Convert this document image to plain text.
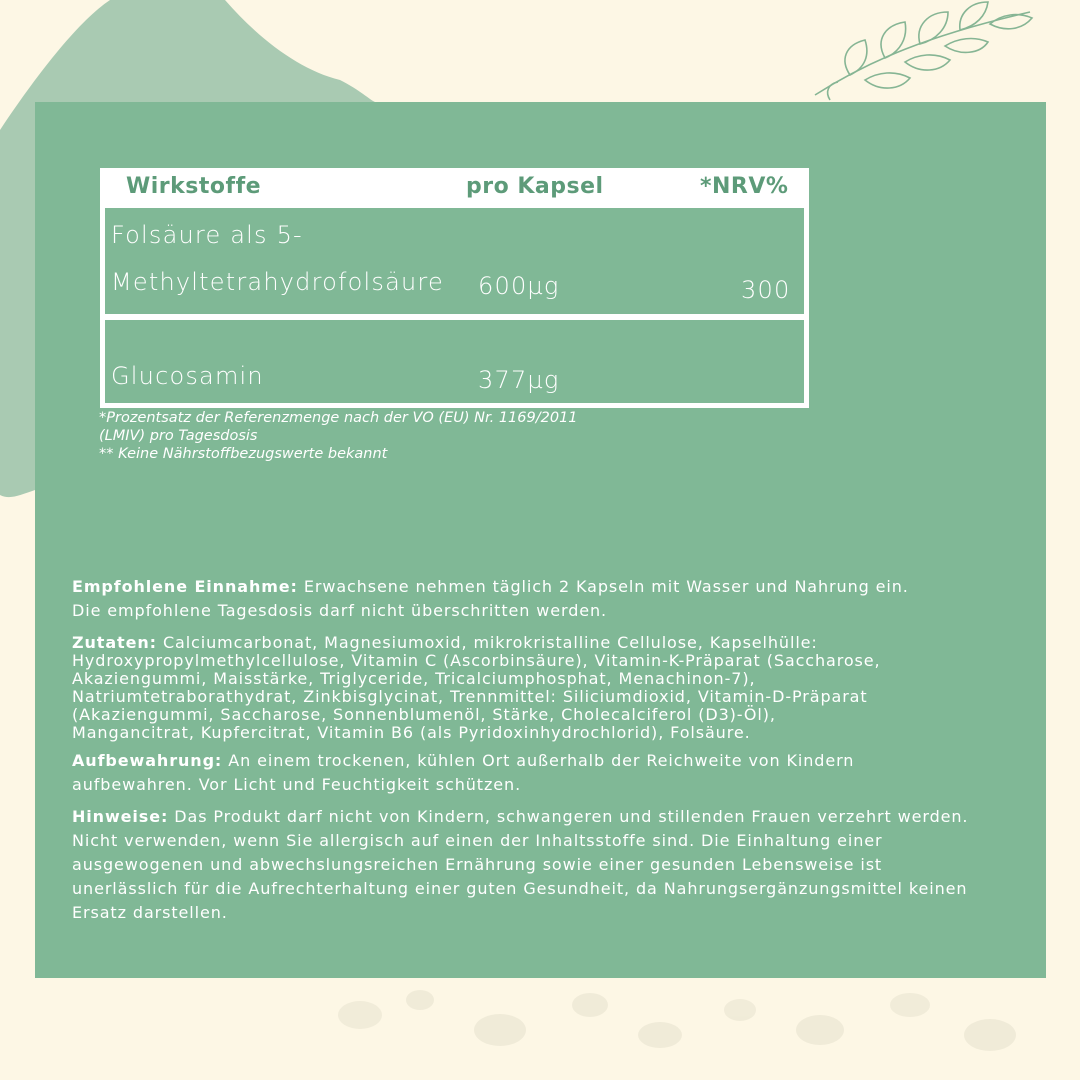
Wirkstoffe	pro Kapsel	*NRV%
Folsäure als 5-
Methyltetrahydrofolsäure 600µg	300
Glucosamin	377µg
*Prozentsatz der Referenzmenge nach der VO (EU) Nr. 1169/2011
(LMIV) pro Tagesdosis
** Keine Nährstoffbezugswerte bekannt
Empfohlene Einnahme: Erwachsene nehmen täglich 2 Kapseln mit Wasser und Nahrung ein.
Die empfohlene Tagesdosis darf nicht überschritten werden.
Zutaten: Calciumcarbonat, Magnesiumoxid, mikrokristalline Cellulose, Kapselhülle:
Hydroxypropylmethylcellulose, Vitamin C (Ascorbinsäure), Vitamin-K-Präparat (Saccharose,
Akaziengummi, Maisstärke, Triglyceride, Tricalciumphosphat, Menachinon-7),
Natriumtetraborathydrat, Zinkbisglycinat, Trennmittel: Siliciumdioxid, Vitamin-D-Präparat
(Akaziengummi, Saccharose, Sonnenblumenöl, Stärke, Cholecalciferol (D3)-Öl),
Mangancitrat, Kupfercitrat, Vitamin B6 (als Pyridoxinhydrochlorid), Folsäure.
Aufbewahrung: An einem trockenen, kühlen Ort außerhalb der Reichweite von Kindern
aufbewahren. Vor Licht und Feuchtigkeit schützen.
Hinweise: Das Produkt darf nicht von Kindern, schwangeren und stillenden Frauen verzehrt werden.
Nicht verwenden, wenn Sie allergisch auf einen der Inhaltsstoffe sind. Die Einhaltung einer
ausgewogenen und abwechslungsreichen Ernährung sowie einer gesunden Lebensweise ist
unerlässlich für die Aufrechterhaltung einer guten Gesundheit, da Nahrungsergänzungsmittel keinen
Ersatz darstellen.
